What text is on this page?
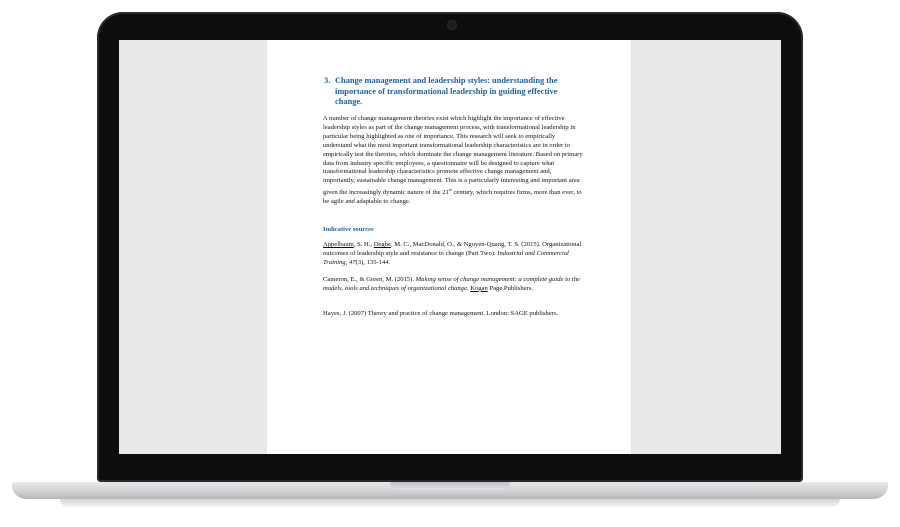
3. Change management and leadership styles: understanding the importance of transformational leadership in guiding effective change.
A number of change management theories exist which highlight the importance of effective leadership styles as part of the change management process, with transformational leadership in particular being highlighted as one of importance. This research will seek to empirically understand what the most important transformational leadership characteristics are in order to empirically test the theories, which dominate the change management literature. Based on primary data from industry specific employees, a questionnaire will be designed to capture what transformational leadership characteristics promote effective change management and, importantly, sustainable change management. This is a particularly interesting and important area given the increasingly dynamic nature of the 21st century, which requires firms, more than ever, to be agile and adaptable to change.
Indicative sources
Appelbaum, S. H., Degbe, M. C., MacDonald, O., & Nguyen-Quang, T. S. (2015). Organizational outcomes of leadership style and resistance to change (Part Two). Industrial and Commercial Training, 47(3), 135-144.
Cameron, E., & Green, M. (2015). Making sense of change management: a complete guide to the models, tools and techniques of organizational change. Kogan Page Publishers.
Hayes, J. (2007) Theory and practice of change management. London: SAGE publishers.
